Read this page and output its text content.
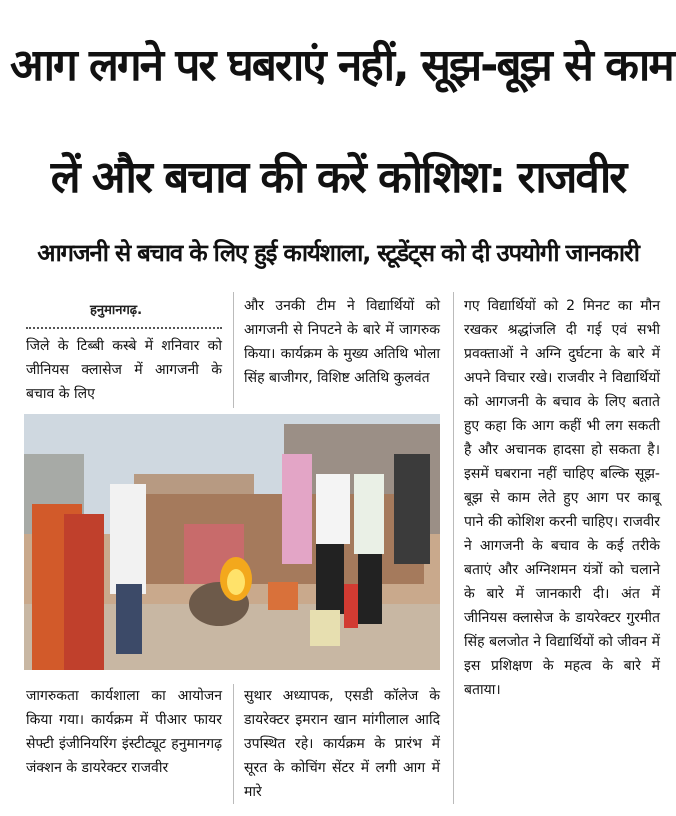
आग लगने पर घबराएं नहीं, सूझ-बूझ से काम
लें और बचाव की करें कोशिश: राजवीर
आगजनी से बचाव के लिए हुई कार्यशाला, स्टूडेंट्स को दी उपयोगी जानकारी
हनुमानगढ़.
जिले के टिब्बी कस्बे में शनिवार को जीनियस क्लासेज में आगजनी के बचाव के लिए
और उनकी टीम ने विद्यार्थियों को आगजनी से निपटने के बारे में जागरुक किया। कार्यक्रम के मुख्य अतिथि भोला सिंह बाजीगर, विशिष्ट अतिथि कुलवंत
जागरुकता कार्यशाला का आयोजन किया गया। कार्यक्रम में पीआर फायर सेफ्टी इंजीनियरिंग इंस्टीट्यूट हनुमानगढ़ जंक्शन के डायरेक्टर राजवीर
सुथार अध्यापक, एसडी कॉलेज के डायरेक्टर इमरान खान मांगीलाल आदि उपस्थित रहे। कार्यक्रम के प्रारंभ में सूरत के कोचिंग सेंटर में लगी आग में मारे
गए विद्यार्थियों को 2 मिनट का मौन रखकर श्रद्धांजलि दी गई एवं सभी प्रवक्ताओं ने अग्नि दुर्घटना के बारे में अपने विचार रखे। राजवीर ने विद्यार्थियों को आगजनी के बचाव के लिए बताते हुए कहा कि आग कहीं भी लग सकती है और अचानक हादसा हो सकता है। इसमें घबराना नहीं चाहिए बल्कि सूझ-बूझ से काम लेते हुए आग पर काबू पाने की कोशिश करनी चाहिए। राजवीर ने आगजनी के बचाव के कई तरीके बताएं और अग्निशमन यंत्रों को चलाने के बारे में जानकारी दी। अंत में जीनियस क्लासेज के डायरेक्टर गुरमीत सिंह बलजोत ने विद्यार्थियों को जीवन में इस प्रशिक्षण के महत्व के बारे में बताया।
